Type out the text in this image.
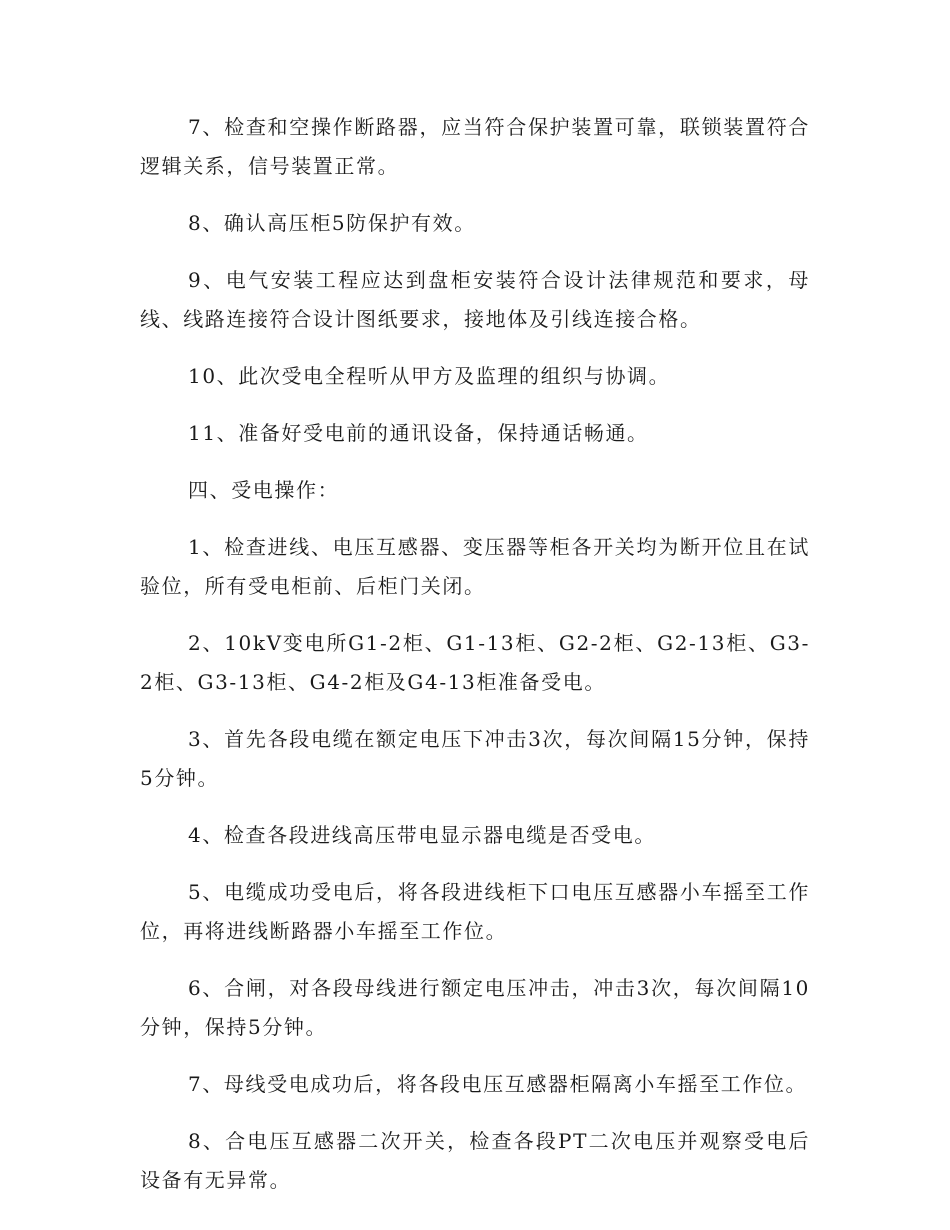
7、检查和空操作断路器，应当符合保护装置可靠，联锁装置符合逻辑关系，信号装置正常。

8、确认高压柜5防保护有效。

9、电气安装工程应达到盘柜安装符合设计法律规范和要求，母线、线路连接符合设计图纸要求，接地体及引线连接合格。

10、此次受电全程听从甲方及监理的组织与协调。

11、准备好受电前的通讯设备，保持通话畅通。

四、受电操作：

1、检查进线、电压互感器、变压器等柜各开关均为断开位且在试验位，所有受电柜前、后柜门关闭。

2、10kV变电所G1-2柜、G1-13柜、G2-2柜、G2-13柜、G3-2柜、G3-13柜、G4-2柜及G4-13柜准备受电。

3、首先各段电缆在额定电压下冲击3次，每次间隔15分钟，保持5分钟。

4、检查各段进线高压带电显示器电缆是否受电。

5、电缆成功受电后，将各段进线柜下口电压互感器小车摇至工作位，再将进线断路器小车摇至工作位。

6、合闸，对各段母线进行额定电压冲击，冲击3次，每次间隔10分钟，保持5分钟。

7、母线受电成功后，将各段电压互感器柜隔离小车摇至工作位。

8、合电压互感器二次开关，检查各段PT二次电压并观察受电后设备有无异常。
